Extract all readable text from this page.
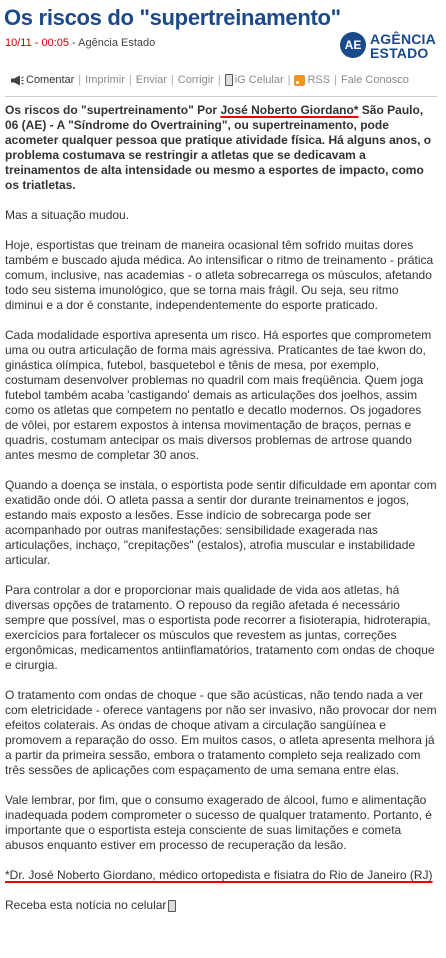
Os riscos do "supertreinamento"
10/11 - 00:05 - Agência Estado	AE AGÊNCIA
ESTADO
Comentar | Imprimir | Enviar | Corrigir | iG Celular | RSS | Fale Conosco

Os riscos do "supertreinamento" Por José Noberto Giordano* São Paulo, 06 (AE) - A "Síndrome do Overtraining", ou supertreinamento, pode acometer qualquer pessoa que pratique atividade física. Há alguns anos, o problema costumava se restringir a atletas que se dedicavam a treinamentos de alta intensidade ou mesmo a esportes de impacto, como os triatletas.

Mas a situação mudou.

Hoje, esportistas que treinam de maneira ocasional têm sofrido muitas dores também e buscado ajuda médica. Ao intensificar o ritmo de treinamento - prática comum, inclusive, nas academias - o atleta sobrecarrega os músculos, afetando todo seu sistema imunológico, que se torna mais frágil. Ou seja, seu ritmo diminui e a dor é constante, independentemente do esporte praticado.

Cada modalidade esportiva apresenta um risco. Há esportes que comprometem uma ou outra articulação de forma mais agressiva. Praticantes de tae kwon do, ginástica olímpica, futebol, basquetebol e tênis de mesa, por exemplo, costumam desenvolver problemas no quadril com mais freqüência. Quem joga futebol também acaba 'castigando' demais as articulações dos joelhos, assim como os atletas que competem no pentatlo e decatlo modernos. Os jogadores de vôlei, por estarem expostos à intensa movimentação de braços, pernas e quadris, costumam antecipar os mais diversos problemas de artrose quando antes mesmo de completar 30 anos.

Quando a doença se instala, o esportista pode sentir dificuldade em apontar com exatidão onde dói. O atleta passa a sentir dor durante treinamentos e jogos, estando mais exposto a lesões. Esse indício de sobrecarga pode ser acompanhado por outras manifestações: sensibilidade exagerada nas articulações, inchaço, "crepitações" (estalos), atrofia muscular e instabilidade articular.

Para controlar a dor e proporcionar mais qualidade de vida aos atletas, há diversas opções de tratamento. O repouso da região afetada é necessário sempre que possível, mas o esportista pode recorrer a fisioterapia, hidroterapia, exercícios para fortalecer os músculos que revestem as juntas, correções ergonômicas, medicamentos antiinflamatórios, tratamento com ondas de choque e cirurgia.

O tratamento com ondas de choque - que são acústicas, não tendo nada a ver com eletricidade - oferece vantagens por não ser invasivo, não provocar dor nem efeitos colaterais. As ondas de choque ativam a circulação sangüínea e promovem a reparação do osso. Em muitos casos, o atleta apresenta melhora já a partir da primeira sessão, embora o tratamento completo seja realizado com três sessões de aplicações com espaçamento de uma semana entre elas.

Vale lembrar, por fim, que o consumo exagerado de álcool, fumo e alimentação inadequada podem comprometer o sucesso de qualquer tratamento. Portanto, é importante que o esportista esteja consciente de suas limitações e cometa abusos enquanto estiver em processo de recuperação da lesão.

*Dr. José Noberto Giordano, médico ortopedista e fisiatra do Rio de Janeiro (RJ)

Receba esta notícia no celular
